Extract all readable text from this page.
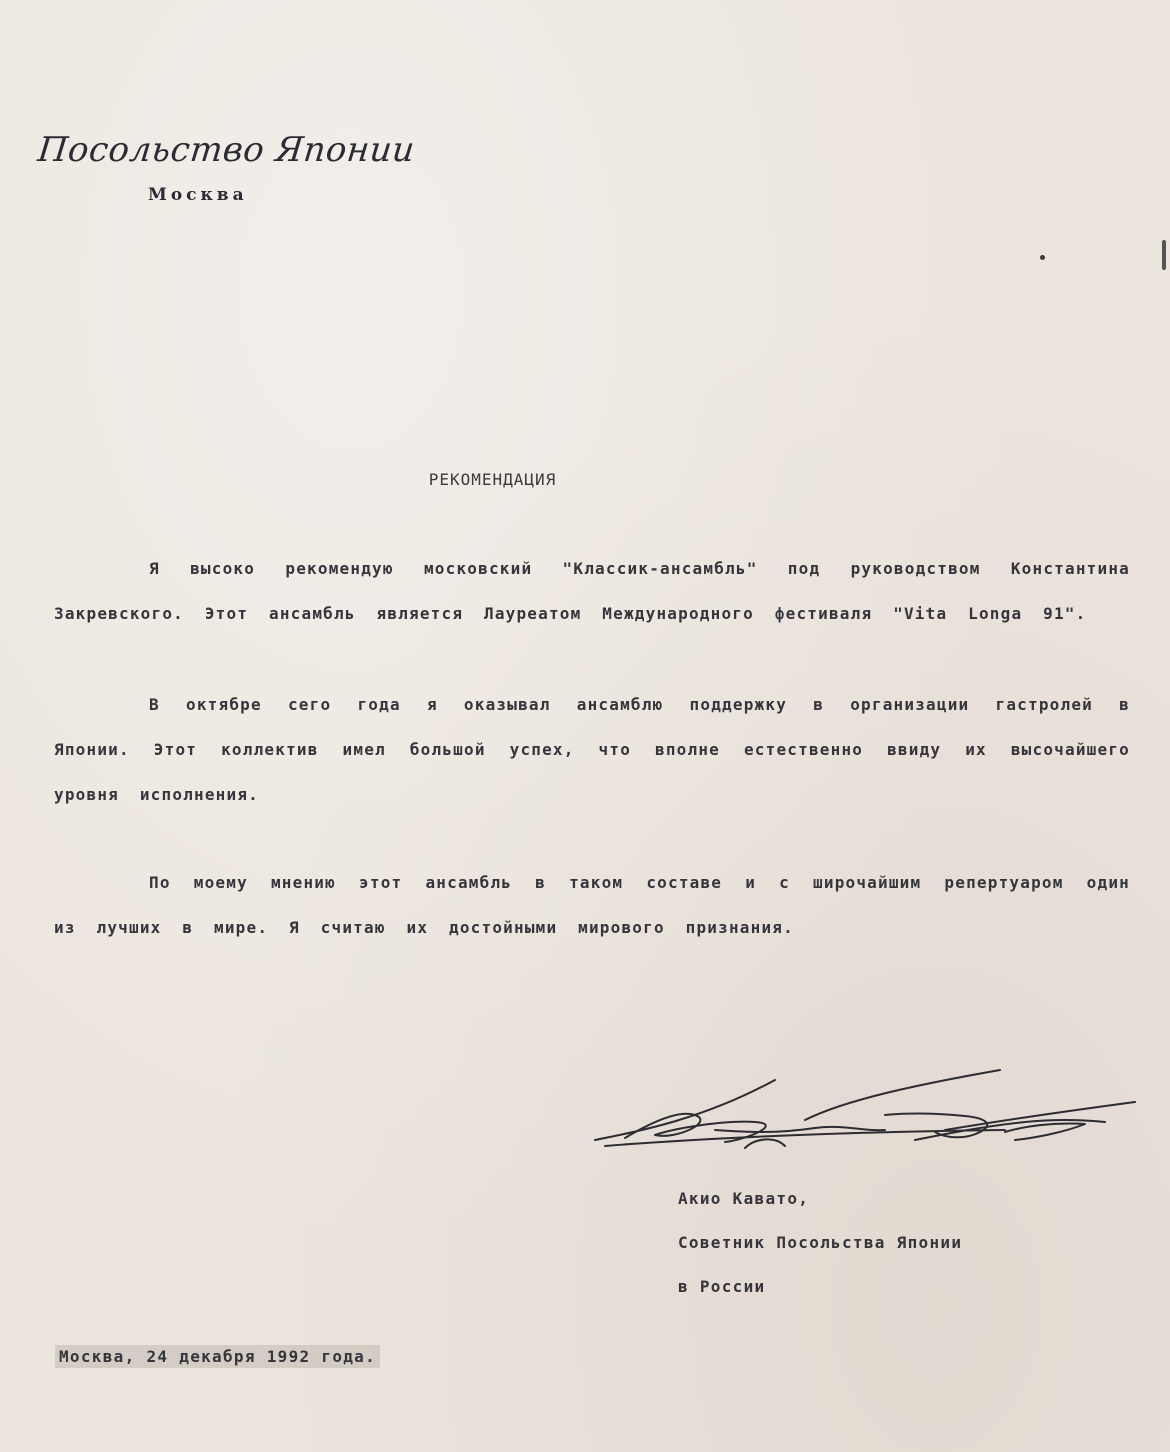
Посольство Японии
Москва
РЕКОМЕНДАЦИЯ

Я высоко рекомендую московский "Классик-ансамбль" под руководством Константина Закревского. Этот ансамбль является Лауреатом Международного фестиваля "Vita Longa 91".

В октябре сего года я оказывал ансамблю поддержку в организации гастролей в Японии. Этот коллектив имел большой успех, что вполне естественно ввиду их высочайшего уровня исполнения.

По моему мнению этот ансамбль в таком составе и с широчайшим репертуаром один из лучших в мире. Я считаю их достойными мирового признания.

Акио Кавато,
Советник Посольства Японии
в России
Москва, 24 декабря 1992 года.
